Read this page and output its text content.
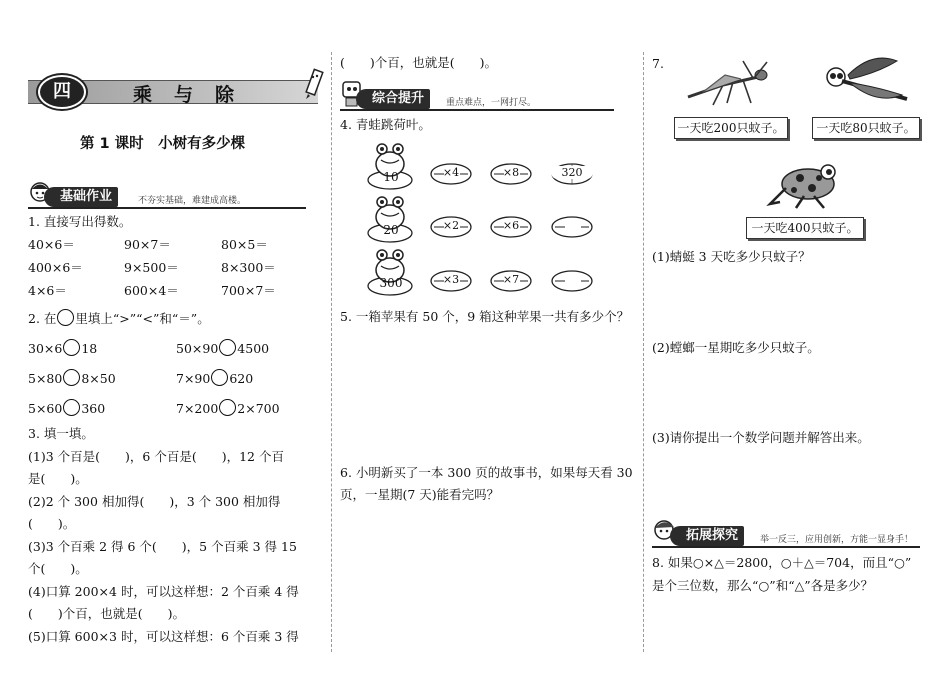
四	乘与除
第 1 课时　小树有多少棵
基础作业	不夯实基础，难建成高楼。
1. 直接写出得数。
40×6＝	90×7＝	80×5＝
400×6＝	9×500＝	8×300＝
4×6＝	600×4＝	700×7＝
2. 在 里填上“>”“<”和“＝”。
30×6 18	50×90 4500
5×80 8×50	7×90 620
5×60 360	7×200 2×700
3. 填一填。
(1)3 个百是(　　)，6 个百是(　　)，12 个百
是(　　)。
(2)2 个 300 相加得(　　)，3 个 300 相加得
(　　)。
(3)3 个百乘 2 得 6 个(　　)，5 个百乘 3 得 15
个(　　)。
(4)口算 200×4 时，可以这样想：2 个百乘 4 得
(　　)个百，也就是(　　)。
(5)口算 600×3 时，可以这样想：6 个百乘 3 得
(　　)个百，也就是(　　)。
综合提升	重点难点，一网打尽。
4. 青蛙跳荷叶。
10	×4	×8	320
20	×2	×6
300	×3	×7
5. 一箱苹果有 50 个，9 箱这种苹果一共有多少个？
6. 小明新买了一本 300 页的故事书，如果每天看 30 页，一星期(7 天)能看完吗？
7.
一天吃200只蚊子。	一天吃80只蚊子。
一天吃400只蚊子。
(1)蜻蜓 3 天吃多少只蚊子？
(2)螳螂一星期吃多少只蚊子。
(3)请你提出一个数学问题并解答出来。
拓展探究	举一反三，应用创新，方能一显身手！
8. 如果○×△＝2800，○＋△＝704，而且“○”
是个三位数，那么“○”和“△”各是多少？
